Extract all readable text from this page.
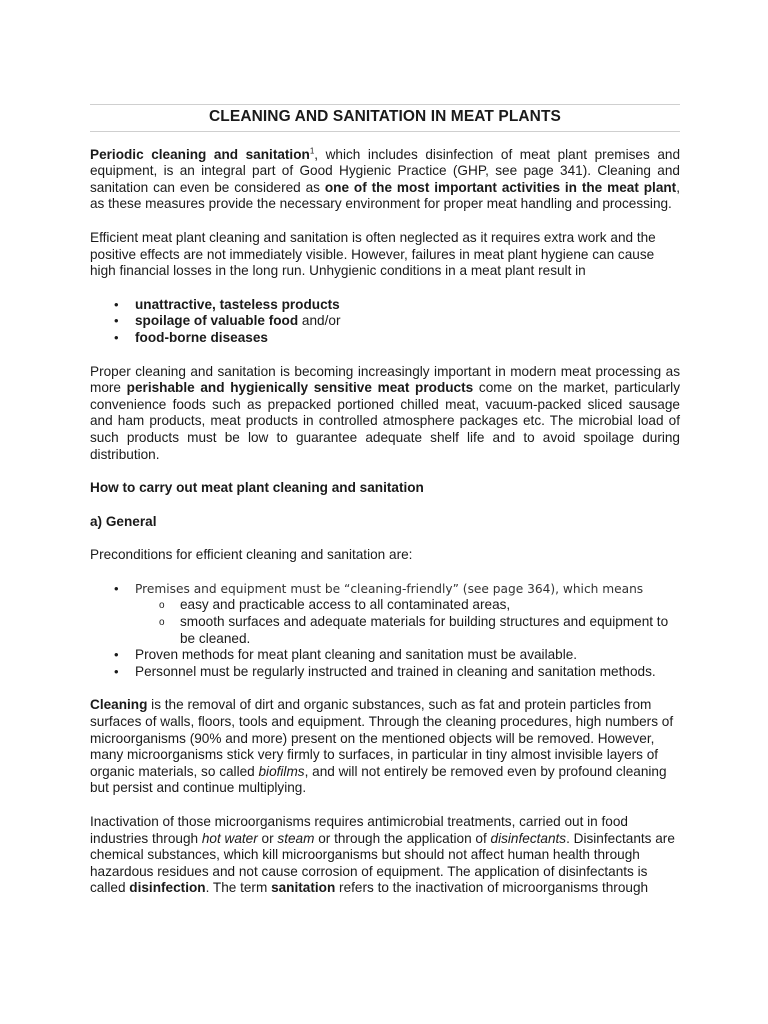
CLEANING AND SANITATION IN MEAT PLANTS

Periodic cleaning and sanitation$^1$, which includes disinfection of meat plant premises and equipment, is an integral part of Good Hygienic Practice (GHP, see page 341). Cleaning and sanitation can even be considered as one of the most important activities in the meat plant, as these measures provide the necessary environment for proper meat handling and processing.

Efficient meat plant cleaning and sanitation is often neglected as it requires extra work and the positive effects are not immediately visible. However, failures in meat plant hygiene can cause high financial losses in the long run. Unhygienic conditions in a meat plant result in

• unattractive, tasteless products
• spoilage of valuable food and/or
• food-borne diseases

Proper cleaning and sanitation is becoming increasingly important in modern meat processing as more perishable and hygienically sensitive meat products come on the market, particularly convenience foods such as prepacked portioned chilled meat, vacuum-packed sliced sausage and ham products, meat products in controlled atmosphere packages etc. The microbial load of such products must be low to guarantee adequate shelf life and to avoid spoilage during distribution.

How to carry out meat plant cleaning and sanitation
a) General

Preconditions for efficient cleaning and sanitation are:

• Premises and equipment must be “cleaning-friendly” (see page 364), which means
o easy and practicable access to all contaminated areas,
o smooth surfaces and adequate materials for building structures and equipment to be cleaned.
• Proven methods for meat plant cleaning and sanitation must be available.
• Personnel must be regularly instructed and trained in cleaning and sanitation methods.

Cleaning is the removal of dirt and organic substances, such as fat and protein particles from surfaces of walls, floors, tools and equipment. Through the cleaning procedures, high numbers of microorganisms (90% and more) present on the mentioned objects will be removed. However, many microorganisms stick very firmly to surfaces, in particular in tiny almost invisible layers of organic materials, so called biofilms, and will not entirely be removed even by profound cleaning but persist and continue multiplying.

Inactivation of those microorganisms requires antimicrobial treatments, carried out in food industries through hot water or steam or through the application of disinfectants. Disinfectants are chemical substances, which kill microorganisms but should not affect human health through hazardous residues and not cause corrosion of equipment. The application of disinfectants is called disinfection. The term sanitation refers to the inactivation of microorganisms through
